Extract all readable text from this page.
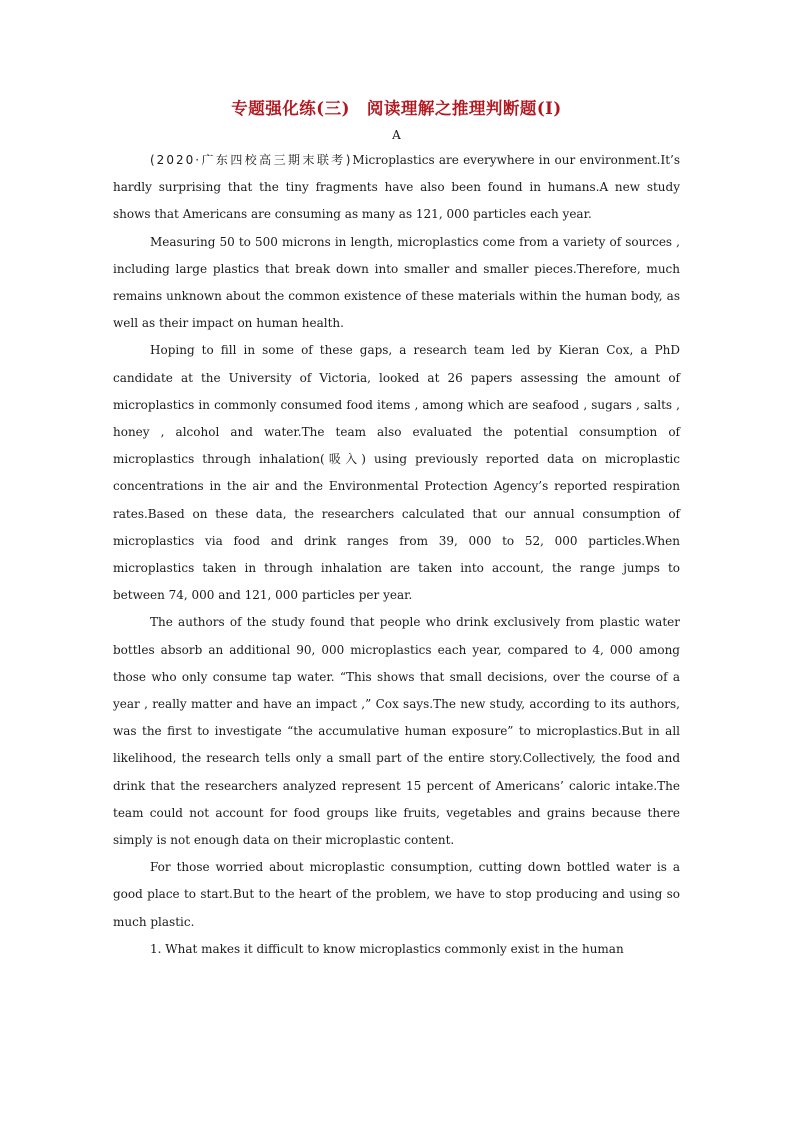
专题强化练(三)　阅读理解之推理判断题(Ⅰ)
A

(2020·广东四校高三期末联考)Microplastics are everywhere in our environment.It’s hardly surprising that the tiny fragments have also been found in humans.A new study shows that Americans are consuming as many as 121, 000 particles each year.

Measuring 50 to 500 microns in length, microplastics come from a variety of sources , including large plastics that break down into smaller and smaller pieces.Therefore, much remains unknown about the common existence of these materials within the human body, as well as their impact on human health.

Hoping to fill in some of these gaps, a research team led by Kieran Cox, a PhD candidate at the University of Victoria, looked at 26 papers assessing the amount of microplastics in commonly consumed food items , among which are seafood , sugars , salts , honey , alcohol and water.The team also evaluated the potential consumption of microplastics through inhalation(吸入) using previously reported data on microplastic concentrations in the air and the Environmental Protection Agency’s reported respiration rates.Based on these data, the researchers calculated that our annual consumption of microplastics via food and drink ranges from 39, 000 to 52, 000 particles.When microplastics taken in through inhalation are taken into account, the range jumps to between 74, 000 and 121, 000 particles per year.

The authors of the study found that people who drink exclusively from plastic water bottles absorb an additional 90, 000 microplastics each year, compared to 4, 000 among those who only consume tap water. “This shows that small decisions, over the course of a year , really matter and have an impact ,” Cox says.The new study, according to its authors, was the first to investigate “the accumulative human exposure” to microplastics.But in all likelihood, the research tells only a small part of the entire story.Collectively, the food and drink that the researchers analyzed represent 15 percent of Americans’ caloric intake.The team could not account for food groups like fruits, vegetables and grains because there simply is not enough data on their microplastic content.

For those worried about microplastic consumption, cutting down bottled water is a good place to start.But to the heart of the problem, we have to stop producing and using so much plastic.

1. What makes it difficult to know microplastics commonly exist in the human
